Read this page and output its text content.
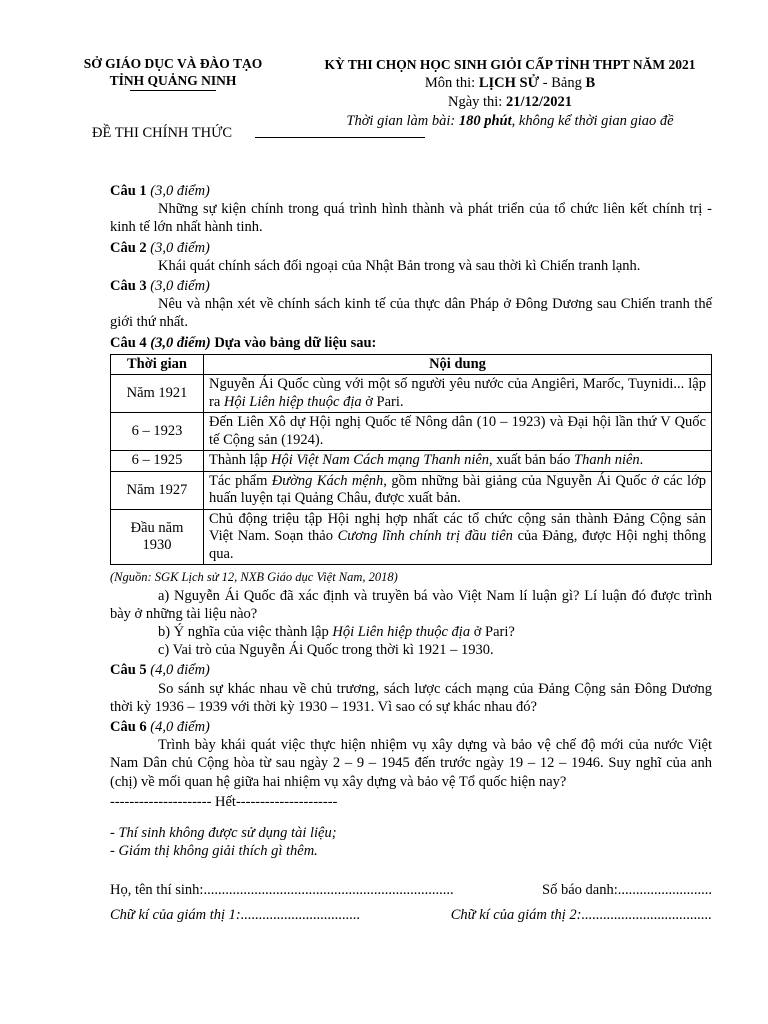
SỞ GIÁO DỤC VÀ ĐÀO TẠO
TỈNH QUẢNG NINH
KỲ THI CHỌN HỌC SINH GIỎI CẤP TỈNH THPT NĂM 2021
Môn thi: LỊCH SỬ - Bảng B
Ngày thi: 21/12/2021
Thời gian làm bài: 180 phút, không kể thời gian giao đề
ĐỀ THI CHÍNH THỨC

Câu 1 (3,0 điểm)

Những sự kiện chính trong quá trình hình thành và phát triển của tổ chức liên kết chính trị - kinh tế lớn nhất hành tinh.

Câu 2 (3,0 điểm)

Khái quát chính sách đối ngoại của Nhật Bản trong và sau thời kì Chiến tranh lạnh.

Câu 3 (3,0 điểm)

Nêu và nhận xét về chính sách kinh tế của thực dân Pháp ở Đông Dương sau Chiến tranh thế giới thứ nhất.

Câu 4 (3,0 điểm) Dựa vào bảng dữ liệu sau:

Thời gian	Nội dung
Năm 1921	Nguyễn Ái Quốc cùng với một số người yêu nước của Angiêri, Marốc, Tuynidi... lập ra Hội Liên hiệp thuộc địa ở Pari.
6 – 1923	Đến Liên Xô dự Hội nghị Quốc tế Nông dân (10 – 1923) và Đại hội lần thứ V Quốc tế Cộng sản (1924).
6 – 1925	Thành lập Hội Việt Nam Cách mạng Thanh niên, xuất bản báo Thanh niên.
Năm 1927	Tác phẩm Đường Kách mệnh, gồm những bài giảng của Nguyễn Ái Quốc ở các lớp huấn luyện tại Quảng Châu, được xuất bản.
Đầu năm 1930	Chủ động triệu tập Hội nghị hợp nhất các tổ chức cộng sản thành Đảng Cộng sản Việt Nam. Soạn thảo Cương lĩnh chính trị đầu tiên của Đảng, được Hội nghị thông qua.

(Nguồn: SGK Lịch sử 12, NXB Giáo dục Việt Nam, 2018)

a) Nguyễn Ái Quốc đã xác định và truyền bá vào Việt Nam lí luận gì? Lí luận đó được trình bày ở những tài liệu nào?

b) Ý nghĩa của việc thành lập Hội Liên hiệp thuộc địa ở Pari?

c) Vai trò của Nguyễn Ái Quốc trong thời kì 1921 – 1930.

Câu 5 (4,0 điểm)

So sánh sự khác nhau về chủ trương, sách lược cách mạng của Đảng Cộng sản Đông Dương thời kỳ 1936 – 1939 với thời kỳ 1930 – 1931. Vì sao có sự khác nhau đó?

Câu 6 (4,0 điểm)

Trình bày khái quát việc thực hiện nhiệm vụ xây dựng và bảo vệ chế độ mới của nước Việt Nam Dân chủ Cộng hòa từ sau ngày 2 – 9 – 1945 đến trước ngày 19 – 12 – 1946. Suy nghĩ của anh (chị) về mối quan hệ giữa hai nhiệm vụ xây dựng và bảo vệ Tổ quốc hiện nay?

--------------------- Hết---------------------

- Thí sinh không được sử dụng tài liệu;

- Giám thị không giải thích gì thêm.

Họ, tên thí sinh:.....................................................................	Số báo danh:..........................
Chữ kí của giám thị 1:.................................	Chữ kí của giám thị 2:....................................
